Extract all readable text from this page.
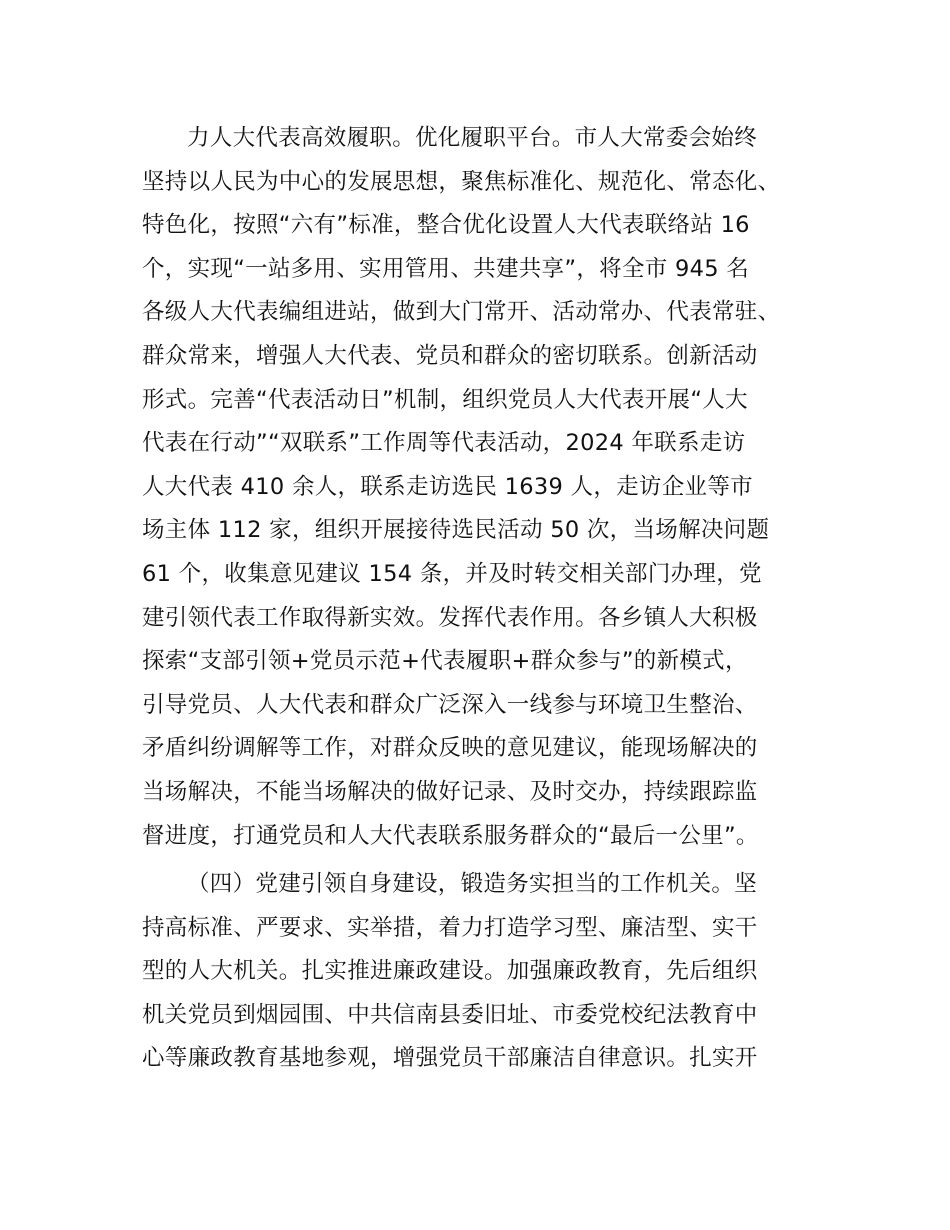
力人大代表高效履职。优化履职平台。市人大常委会始终
坚持以人民为中心的发展思想，聚焦标准化、规范化、常态化、
特色化，按照“六有”标准，整合优化设置人大代表联络站 16
个，实现“一站多用、实用管用、共建共享”，将全市 945 名
各级人大代表编组进站，做到大门常开、活动常办、代表常驻、
群众常来，增强人大代表、党员和群众的密切联系。创新活动
形式。完善“代表活动日”机制，组织党员人大代表开展“人大
代表在行动”“双联系”工作周等代表活动，2024 年联系走访
人大代表 410 余人，联系走访选民 1639 人，走访企业等市
场主体 112 家，组织开展接待选民活动 50 次，当场解决问题
61 个，收集意见建议 154 条，并及时转交相关部门办理，党
建引领代表工作取得新实效。发挥代表作用。各乡镇人大积极
探索“支部引领+党员示范+代表履职+群众参与”的新模式，
引导党员、人大代表和群众广泛深入一线参与环境卫生整治、
矛盾纠纷调解等工作，对群众反映的意见建议，能现场解决的
当场解决，不能当场解决的做好记录、及时交办，持续跟踪监
督进度，打通党员和人大代表联系服务群众的“最后一公里”。
（四）党建引领自身建设，锻造务实担当的工作机关。坚
持高标准、严要求、实举措，着力打造学习型、廉洁型、实干
型的人大机关。扎实推进廉政建设。加强廉政教育，先后组织
机关党员到烟园围、中共信南县委旧址、市委党校纪法教育中
心等廉政教育基地参观，增强党员干部廉洁自律意识。扎实开
